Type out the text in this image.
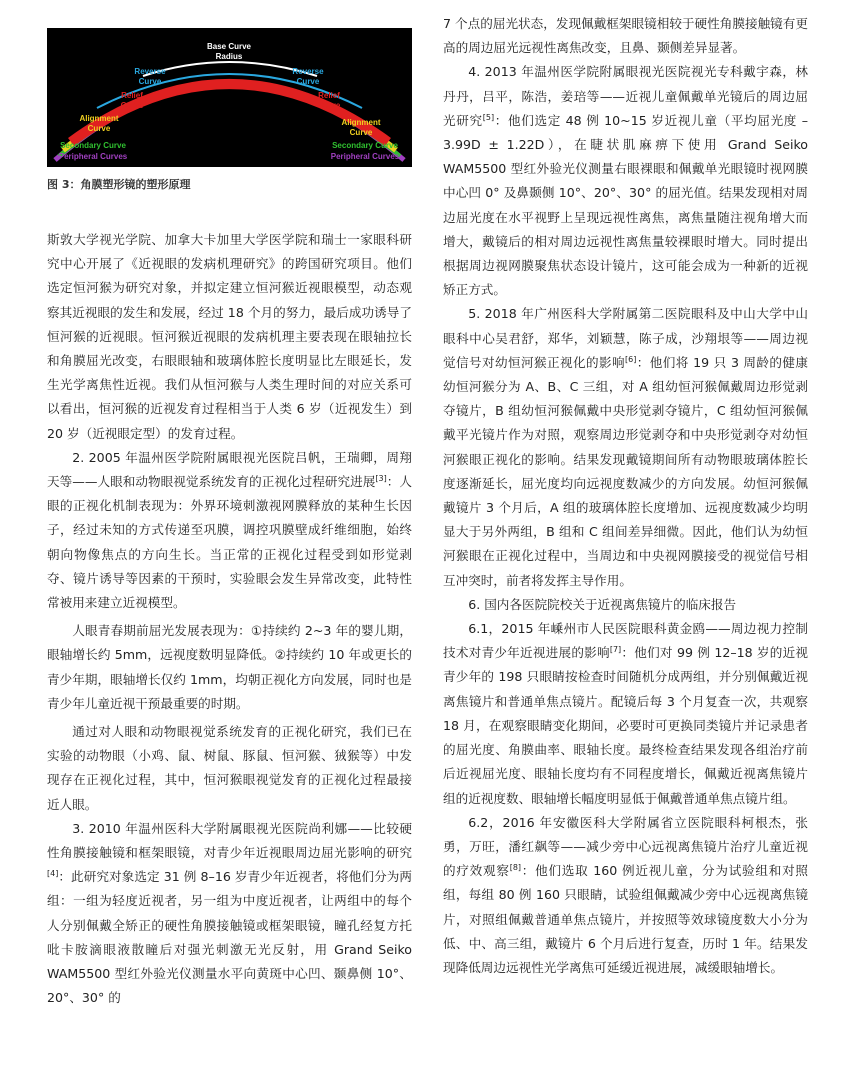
Base Curve
Radius
Reverse
Curve
Reverse
Curve
Relief
Curve
Relief
Curve
Alignment
Curve
Alignment
Curve
Secondary Curve
Peripheral Curves
Secondary Curve
Peripheral Curves
图 3：角膜塑形镜的塑形原理

斯敦大学视光学院、加拿大卡加里大学医学院和瑞士一家眼科研究中心开展了《近视眼的发病机理研究》的跨国研究项目。他们选定恒河猴为研究对象，并拟定建立恒河猴近视眼模型，动态观察其近视眼的发生和发展，经过 18 个月的努力，最后成功诱导了恒河猴的近视眼。恒河猴近视眼的发病机理主要表现在眼轴拉长和角膜屈光改变，右眼眼轴和玻璃体腔长度明显比左眼延长，发生光学离焦性近视。我们从恒河猴与人类生理时间的对应关系可以看出，恒河猴的近视发育过程相当于人类 6 岁（近视发生）到 20 岁（近视眼定型）的发育过程。

2. 2005 年温州医学院附属眼视光医院吕帆，王瑞卿，周翔天等——人眼和动物眼视觉系统发育的正视化过程研究进展[3]：人眼的正视化机制表现为：外界环境刺激视网膜释放的某种生长因子，经过未知的方式传递至巩膜，调控巩膜壁成纤维细胞，始终朝向物像焦点的方向生长。当正常的正视化过程受到如形觉剥夺、镜片诱导等因素的干预时，实验眼会发生异常改变，此特性常被用来建立近视模型。

人眼青春期前屈光发展表现为：①持续约 2~3 年的婴儿期，眼轴增长约 5mm，远视度数明显降低。②持续约 10 年或更长的青少年期，眼轴增长仅约 1mm，均朝正视化方向发展，同时也是青少年儿童近视干预最重要的时期。

通过对人眼和动物眼视觉系统发育的正视化研究，我们已在实验的动物眼（小鸡、鼠、树鼠、豚鼠、恒河猴、狨猴等）中发现存在正视化过程，其中，恒河猴眼视觉发育的正视化过程最接近人眼。

3. 2010 年温州医科大学附属眼视光医院尚利娜——比较硬性角膜接触镜和框架眼镜，对青少年近视眼周边屈光影响的研究[4]：此研究对象选定 31 例 8–16 岁青少年近视者，将他们分为两组：一组为轻度近视者，另一组为中度近视者，让两组中的每个人分别佩戴全矫正的硬性角膜接触镜或框架眼镜，瞳孔经复方托吡卡胺滴眼液散瞳后对强光刺激无光反射，用 Grand Seiko WAM5500 型红外验光仪测量水平向黄斑中心凹、颞鼻侧 10°、20°、30° 的

7 个点的屈光状态，发现佩戴框架眼镜相较于硬性角膜接触镜有更高的周边屈光远视性离焦改变，且鼻、颞侧差异显著。

4. 2013 年温州医学院附属眼视光医院视光专科戴宇森，林丹丹，吕平，陈浩，姜琣等——近视儿童佩戴单光镜后的周边屈光研究[5]：他们选定 48 例 10~15 岁近视儿童（平均屈光度 –3.99D ± 1.22D），在睫状肌麻痹下使用 Grand Seiko WAM5500 型红外验光仪测量右眼裸眼和佩戴单光眼镜时视网膜中心凹 0° 及鼻颞侧 10°、20°、30° 的屈光值。结果发现相对周边屈光度在水平视野上呈现远视性离焦，离焦量随注视角增大而增大，戴镜后的相对周边远视性离焦量较裸眼时增大。同时提出根据周边视网膜聚焦状态设计镜片，这可能会成为一种新的近视矫正方式。

5. 2018 年广州医科大学附属第二医院眼科及中山大学中山眼科中心吴君舒，郑华，刘颖慧，陈子成，沙翔垠等——周边视觉信号对幼恒河猴正视化的影响[6]：他们将 19 只 3 周龄的健康幼恒河猴分为 A、B、C 三组，对 A 组幼恒河猴佩戴周边形觉剥夺镜片，B 组幼恒河猴佩戴中央形觉剥夺镜片，C 组幼恒河猴佩戴平光镜片作为对照，观察周边形觉剥夺和中央形觉剥夺对幼恒河猴眼正视化的影响。结果发现戴镜期间所有动物眼玻璃体腔长度逐渐延长，屈光度均向远视度数减少的方向发展。幼恒河猴佩戴镜片 3 个月后，A 组的玻璃体腔长度增加、远视度数减少均明显大于另外两组，B 组和 C 组间差异细微。因此，他们认为幼恒河猴眼在正视化过程中，当周边和中央视网膜接受的视觉信号相互冲突时，前者将发挥主导作用。

6. 国内各医院院校关于近视离焦镜片的临床报告

6.1，2015 年嵊州市人民医院眼科黄金鸥——周边视力控制技术对青少年近视进展的影响[7]：他们对 99 例 12–18 岁的近视青少年的 198 只眼睛按检查时间随机分成两组，并分别佩戴近视离焦镜片和普通单焦点镜片。配镜后每 3 个月复查一次，共观察 18 月，在观察眼睛变化期间，必要时可更换同类镜片并记录患者的屈光度、角膜曲率、眼轴长度。最终检查结果发现各组治疗前后近视屈光度、眼轴长度均有不同程度增长，佩戴近视离焦镜片组的近视度数、眼轴增长幅度明显低于佩戴普通单焦点镜片组。

6.2，2016 年安徽医科大学附属省立医院眼科柯根杰，张勇，万旺，潘红飙等——减少旁中心远视离焦镜片治疗儿童近视的疗效观察[8]：他们选取 160 例近视儿童，分为试验组和对照组，每组 80 例 160 只眼睛，试验组佩戴减少旁中心远视离焦镜片，对照组佩戴普通单焦点镜片，并按照等效球镜度数大小分为低、中、高三组，戴镜片 6 个月后进行复查，历时 1 年。结果发现降低周边远视性光学离焦可延缓近视进展，减缓眼轴增长。
